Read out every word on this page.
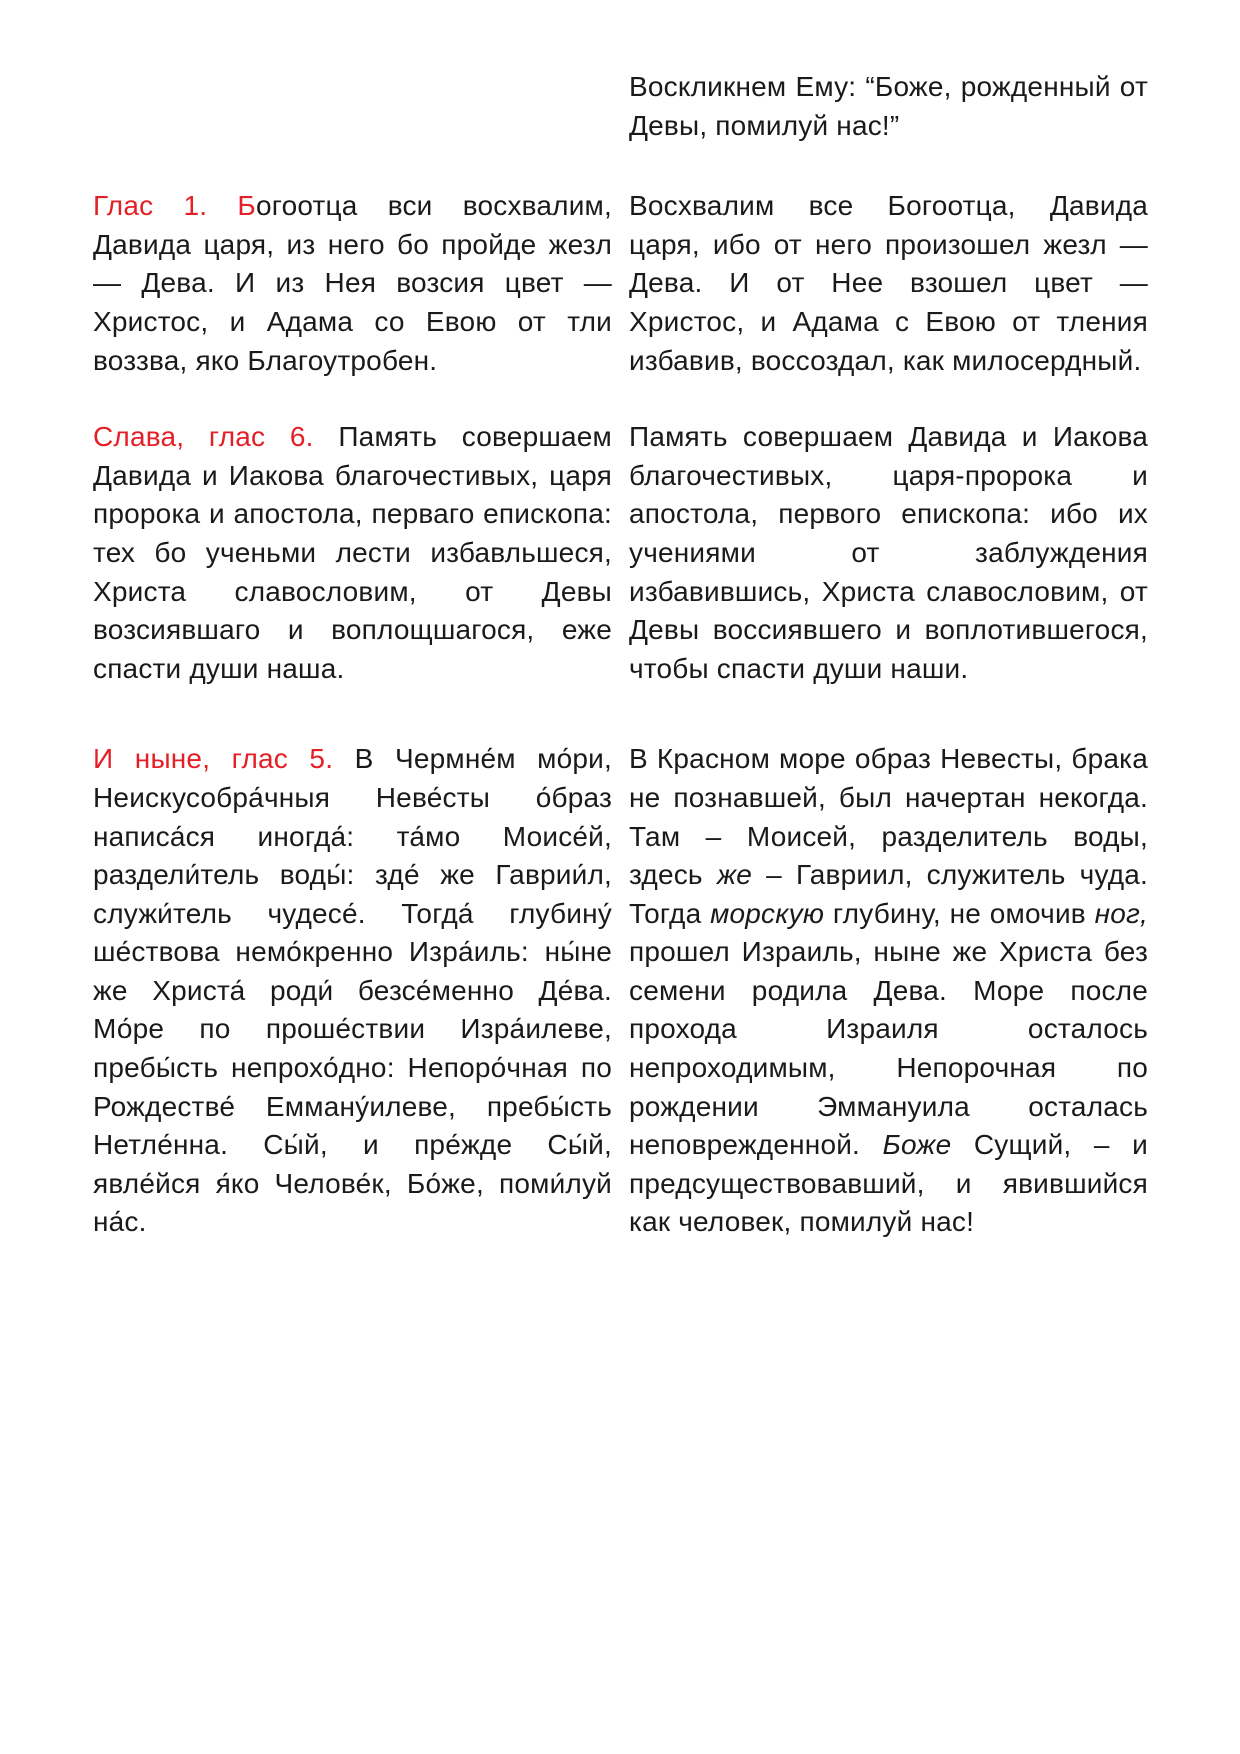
Воскликнем Ему: “Боже, рожденный от Девы, помилуй нас!”

Глас 1. Богоотца вси восхвалим, Давида царя, из него бо пройде жезл — Дева. И из Нея возсия цвет — Христос, и Адама со Евою от тли воззва, яко Благоутробен.

Восхвалим все Богоотца, Давида царя, ибо от него произошел жезл — Дева. И от Нее взошел цвет — Христос, и Адама с Евою от тления избавив, воссоздал, как милосердный.

Слава, глас 6. Память совершаем Давида и Иакова благочестивых, царя пророка и апостола, перваго епископа: тех бо ученьми лести избавльшеся, Христа славословим, от Девы возсиявшаго и воплощшагося, еже спасти души наша.

Память совершаем Давида и Иакова благочестивых, царя-пророка и апостола, первого епископа: ибо их учениями от заблуждения избавившись, Христа славословим, от Девы воссиявшего и воплотившегося, чтобы спасти души наши.

И ныне, глас 5. В Чермне́м мо́ри, Неискусобра́чныя Неве́сты о́браз написа́ся иногда́: та́мо Моисе́й, раздели́тель воды́: зде́ же Гаврии́л, служи́тель чудесе́. Тогда́ глубину́ ше́ствова немо́кренно Изра́иль: ны́не же Христа́ роди́ безсе́менно Де́ва. Мо́ре по проше́ствии Изра́илеве, пребы́сть непрохо́дно: Непоро́чная по Рождестве́ Емману́илеве, пребы́сть Нетле́нна. Сы́й, и пре́жде Сы́й, явле́йся я́ко Челове́к, Бо́же, поми́луй на́с.

В Красном море образ Невесты, брака не познавшей, был начертан некогда. Там – Моисей, разделитель воды, здесь же – Гавриил, служитель чуда. Тогда морскую глубину, не омочив ног, прошел Израиль, ныне же Христа без семени родила Дева. Море после прохода Израиля осталось непроходимым, Непорочная по рождении Эммануила осталась неповрежденной. Боже Сущий, – и предсуществовавший, и явившийся как человек, помилуй нас!
